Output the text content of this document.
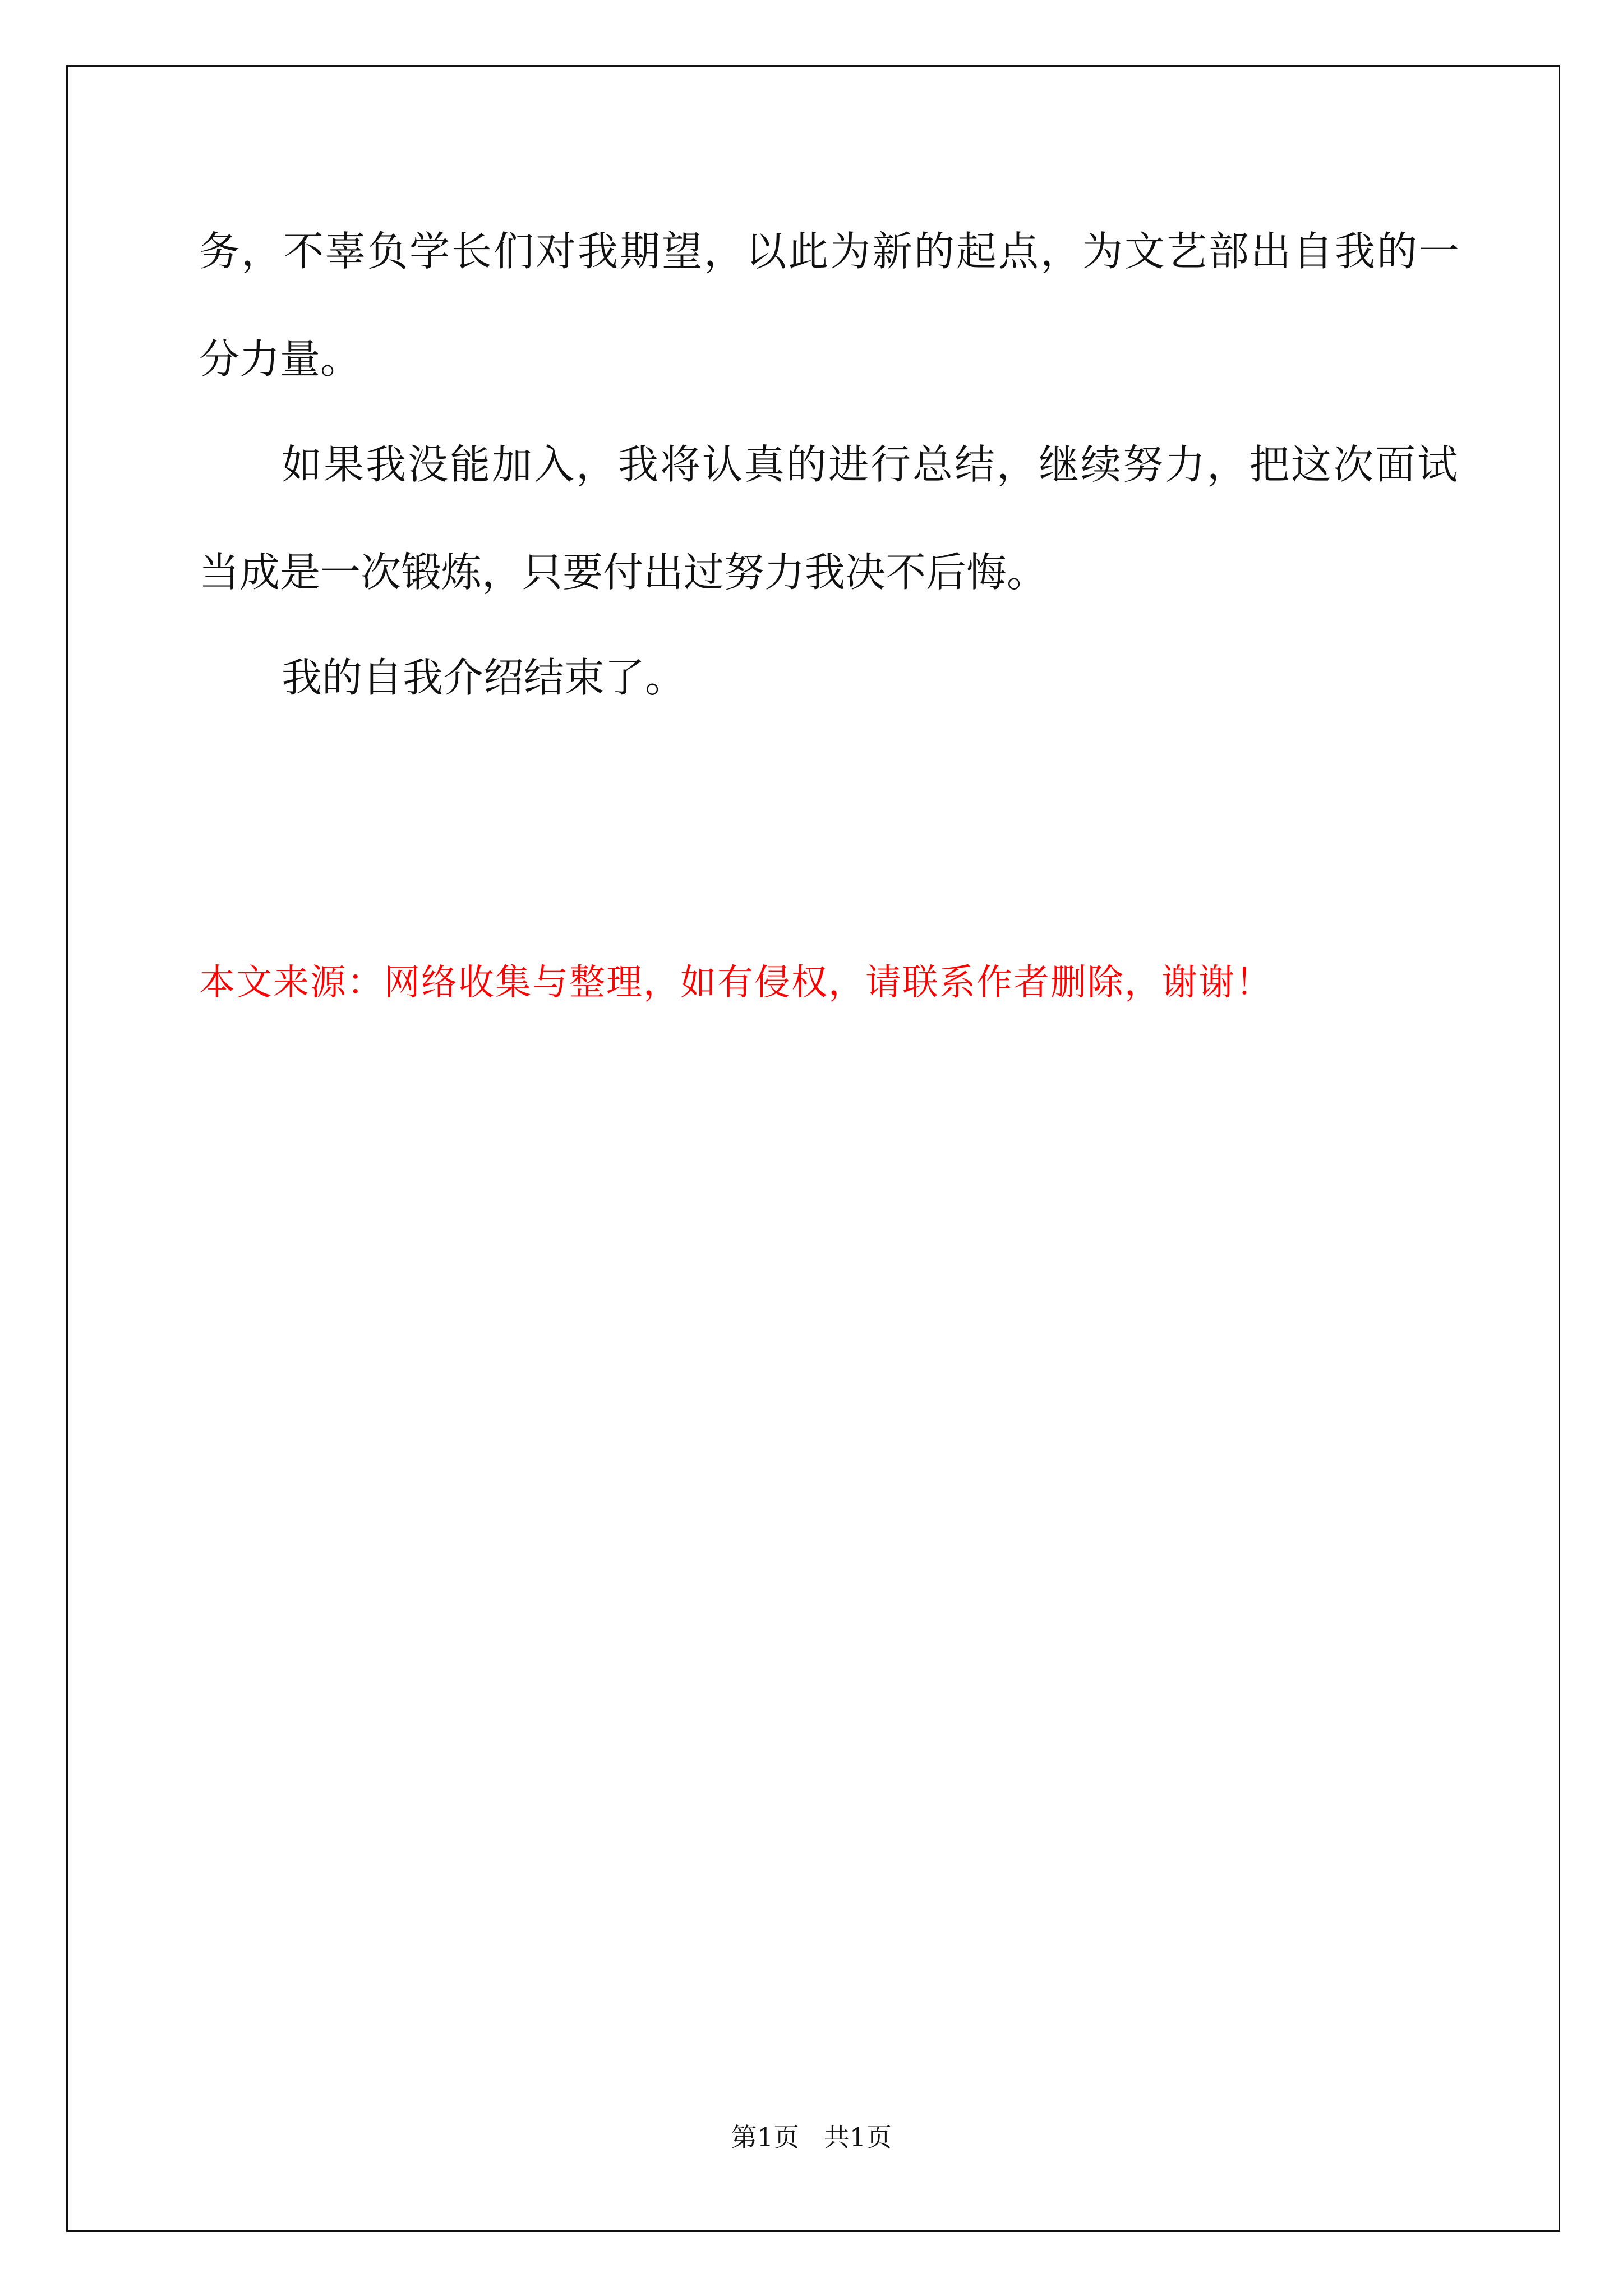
务，不辜负学长们对我期望，以此为新的起点，为文艺部出自我的一
分力量。
如果我没能加入，我将认真的进行总结，继续努力，把这次面试
当成是一次锻炼，只要付出过努力我决不后悔。
我的自我介绍结束了。
本文来源：网络收集与整理，如有侵权，请联系作者删除，谢谢！
第1页   共1页
